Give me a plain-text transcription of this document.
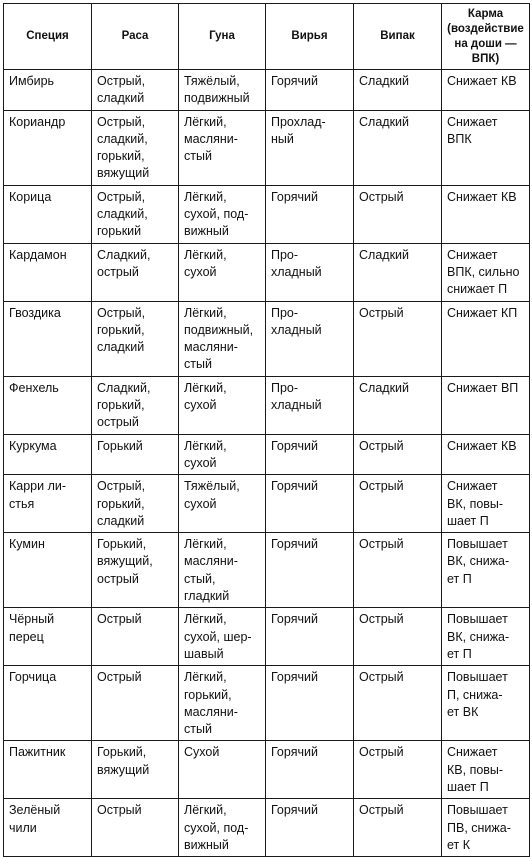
Специя	Раса	Гуна	Вирья	Випак	Карма
(воздействие
на доши —
ВПК)

Имбирь	Острый,
сладкий	Тяжёлый,
подвижный	Горячий	Сладкий	Снижает КВ

Кориандр	Острый,
сладкий,
горький,
вяжущий	Лёгкий,
масляни-
стый	Прохлад-
ный	Сладкий	Снижает
ВПК

Корица	Острый,
сладкий,
горький	Лёгкий,
сухой, под-
вижный	Горячий	Острый	Снижает КВ

Кардамон	Сладкий,
острый	Лёгкий,
сухой	Про-
хладный	Сладкий	Снижает
ВПК, сильно
снижает П

Гвоздика	Острый,
горький,
сладкий	Лёгкий,
подвижный,
масляни-
стый	Про-
хладный	Острый	Снижает КП

Фенхель	Сладкий,
горький,
острый	Лёгкий,
сухой	Про-
хладный	Сладкий	Снижает ВП

Куркума	Горький	Лёгкий,
сухой	Горячий	Острый	Снижает КВ

Карри ли-
стья	Острый,
горький,
сладкий	Тяжёлый,
сухой	Горячий	Острый	Снижает
ВК, повы-
шает П

Кумин	Горький,
вяжущий,
острый	Лёгкий,
масляни-
стый,
гладкий	Горячий	Острый	Повышает
ВК, снижа-
ет П

Чёрный
перец	Острый	Лёгкий,
сухой, шер-
шавый	Горячий	Острый	Повышает
ВК, снижа-
ет П

Горчица	Острый	Лёгкий,
горький,
масляни-
стый	Горячий	Острый	Повышает
П, снижа-
ет ВК

Пажитник	Горький,
вяжущий	Сухой	Горячий	Острый	Снижает
КВ, повы-
шает П

Зелёный
чили	Острый	Лёгкий,
сухой, под-
вижный	Горячий	Острый	Повышает
ПВ, снижа-
ет К
